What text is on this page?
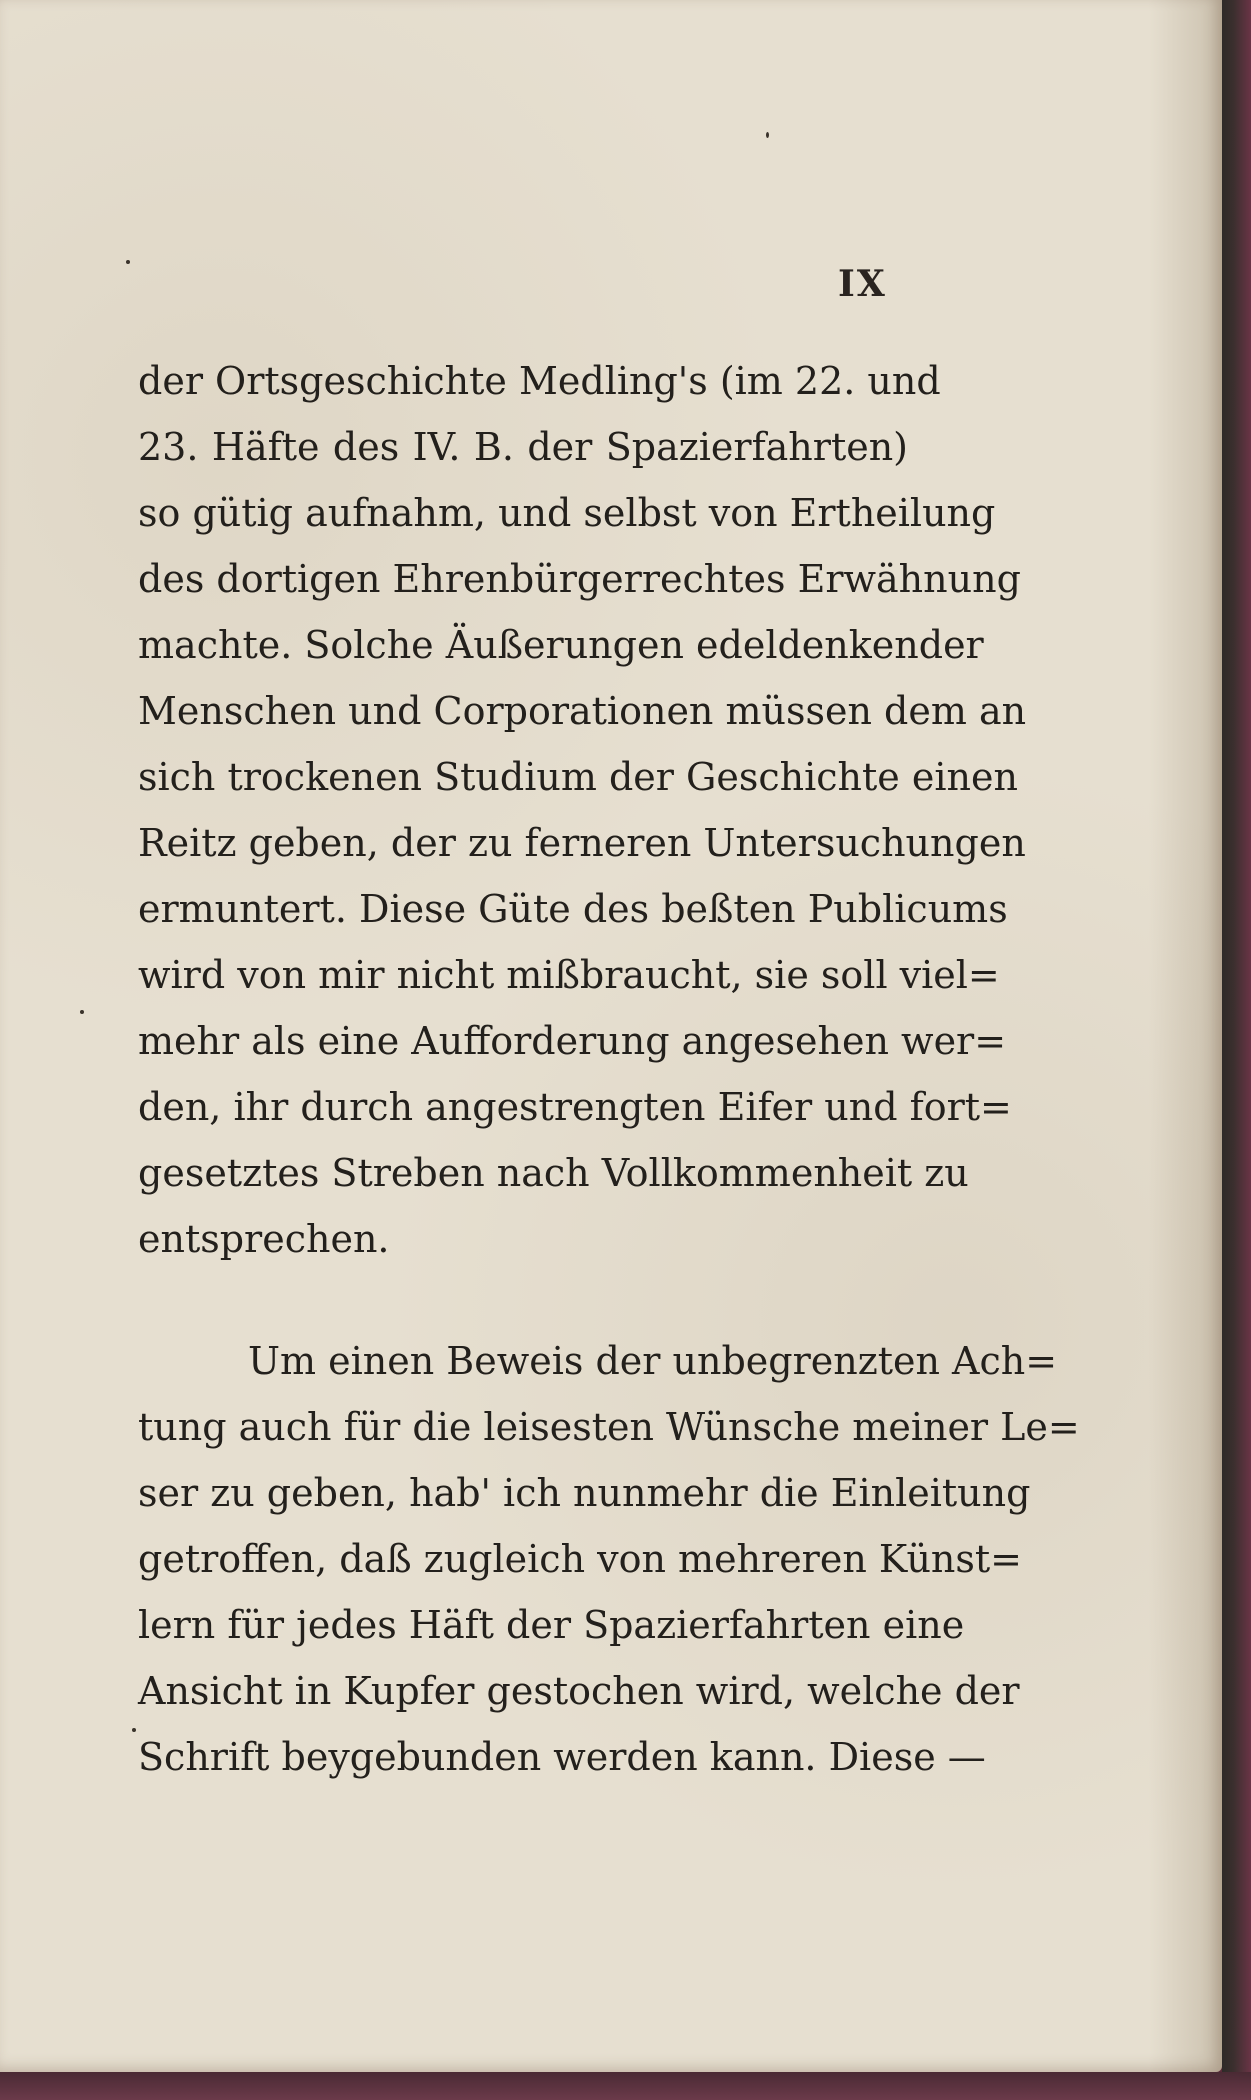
IX
der Ortsgeschichte Medling's (im 22. und
23. Häfte des IV. B. der Spazierfahrten)
so gütig aufnahm, und selbst von Ertheilung
des dortigen Ehrenbürgerrechtes Erwähnung
machte. Solche Äußerungen edeldenkender
Menschen und Corporationen müssen dem an
sich trockenen Studium der Geschichte einen
Reitz geben, der zu ferneren Untersuchungen
ermuntert. Diese Güte des beßten Publicums
wird von mir nicht mißbraucht, sie soll viel=
mehr als eine Aufforderung angesehen wer=
den, ihr durch angestrengten Eifer und fort=
gesetztes Streben nach Vollkommenheit zu
entsprechen.
Um einen Beweis der unbegrenzten Ach=
tung auch für die leisesten Wünsche meiner Le=
ser zu geben, hab' ich nunmehr die Einleitung
getroffen, daß zugleich von mehreren Künst=
lern für jedes Häft der Spazierfahrten eine
Ansicht in Kupfer gestochen wird, welche der
Schrift beygebunden werden kann. Diese —
